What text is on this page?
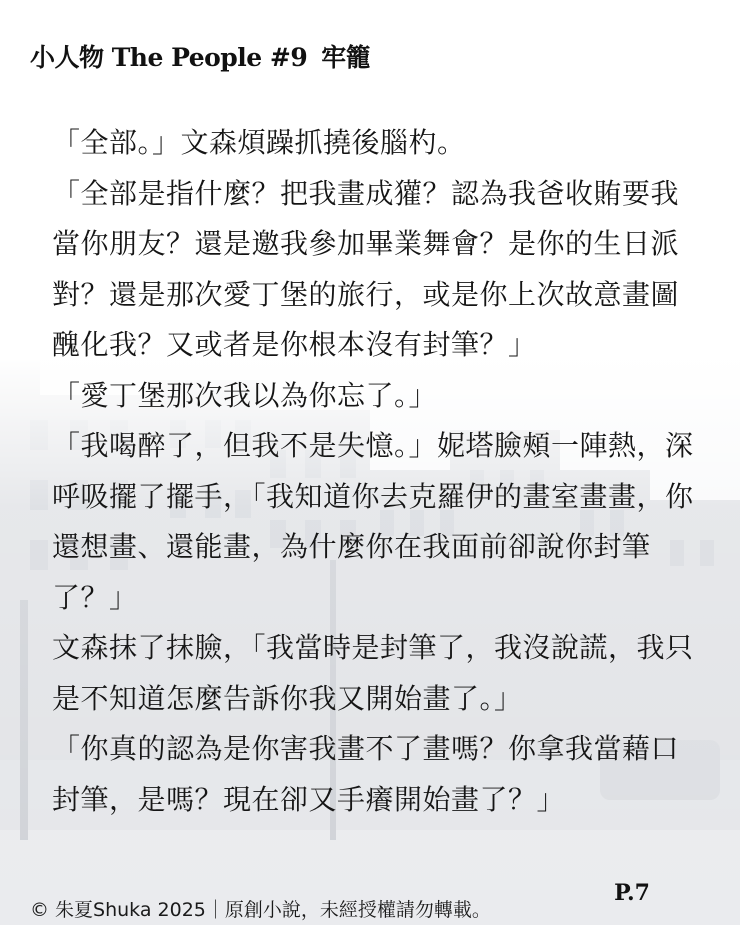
小人物 The People #9 牢籠

「全部。」文森煩躁抓撓後腦杓。

「全部是指什麼？把我畫成獾？認為我爸收賄要我當你朋友？還是邀我參加畢業舞會？是你的生日派對？還是那次愛丁堡的旅行，或是你上次故意畫圖醜化我？又或者是你根本沒有封筆？」

「愛丁堡那次我以為你忘了。」

「我喝醉了，但我不是失憶。」妮塔臉頰一陣熱，深呼吸擺了擺手，「我知道你去克羅伊的畫室畫畫，你還想畫、還能畫，為什麼你在我面前卻說你封筆了？」

文森抹了抹臉，「我當時是封筆了，我沒說謊，我只是不知道怎麼告訴你我又開始畫了。」

「你真的認為是你害我畫不了畫嗎？你拿我當藉口封筆，是嗎？現在卻又手癢開始畫了？」

© 朱夏Shuka 2025｜原創小說，未經授權請勿轉載。
P.7
